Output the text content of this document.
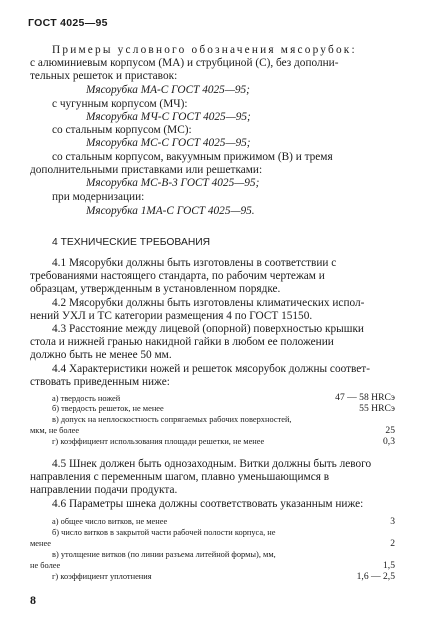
ГОСТ 4025—95
Примеры условного обозначения мясорубок:
с алюминиевым корпусом (МА) и струбциной (С), без дополни-
тельных решеток и приставок:
Мясорубка МА-С ГОСТ 4025—95;
с чугунным корпусом (МЧ):
Мясорубка МЧ-С ГОСТ 4025—95;
со стальным корпусом (МС):
Мясорубка МС-С ГОСТ 4025—95;
со стальным корпусом, вакуумным прижимом (В) и тремя
дополнительными приставками или решетками:
Мясорубка МС-В-3 ГОСТ 4025—95;
при модернизации:
Мясорубка 1МА-С ГОСТ 4025—95.
4 ТЕХНИЧЕСКИЕ ТРЕБОВАНИЯ
4.1 Мясорубки должны быть изготовлены в соответствии с
требованиями настоящего стандарта, по рабочим чертежам и
образцам, утвержденным в установленном порядке.
4.2 Мясорубки должны быть изготовлены климатических испол-
нений УХЛ и ТС категории размещения 4 по ГОСТ 15150.
4.3 Расстояние между лицевой (опорной) поверхностью крышки
стола и нижней гранью накидной гайки в любом ее положении
должно быть не менее 50 мм.
4.4 Характеристики ножей и решеток мясорубок должны соответ-
ствовать приведенным ниже:
а) твердость ножей	47 — 58 HRCэ
б) твердость решеток, не менее	55 HRCэ
в) допуск на неплоскостность сопрягаемых рабочих поверхностей,
мкм, не более	25
г) коэффициент использования площади решетки, не менее	0,3
4.5 Шнек должен быть однозаходным. Витки должны быть левого
направления с переменным шагом, плавно уменьшающимся в
направлении подачи продукта.
4.6 Параметры шнека должны соответствовать указанным ниже:
а) общее число витков, не менее	3
б) число витков в закрытой части рабочей полости корпуса, не
менее	2
в) утолщение витков (по линии разъема литейной формы), мм,
не более	1,5
г) коэффициент уплотнения	1,6 — 2,5
8
